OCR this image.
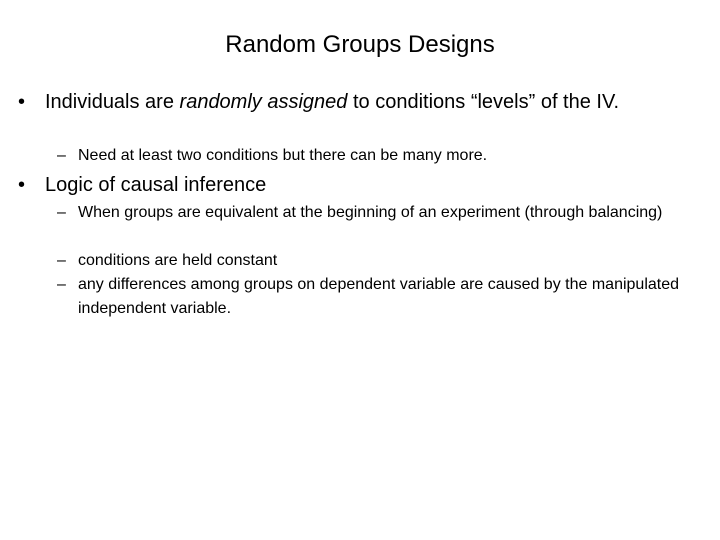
Random Groups Designs
• Individuals are randomly assigned to conditions “levels” of the IV.
– Need at least two conditions but there can be many more.
• Logic of causal inference
– When groups are equivalent at the beginning of an experiment (through balancing)
– conditions are held constant
– any differences among groups on dependent variable are caused by the manipulated independent variable.
